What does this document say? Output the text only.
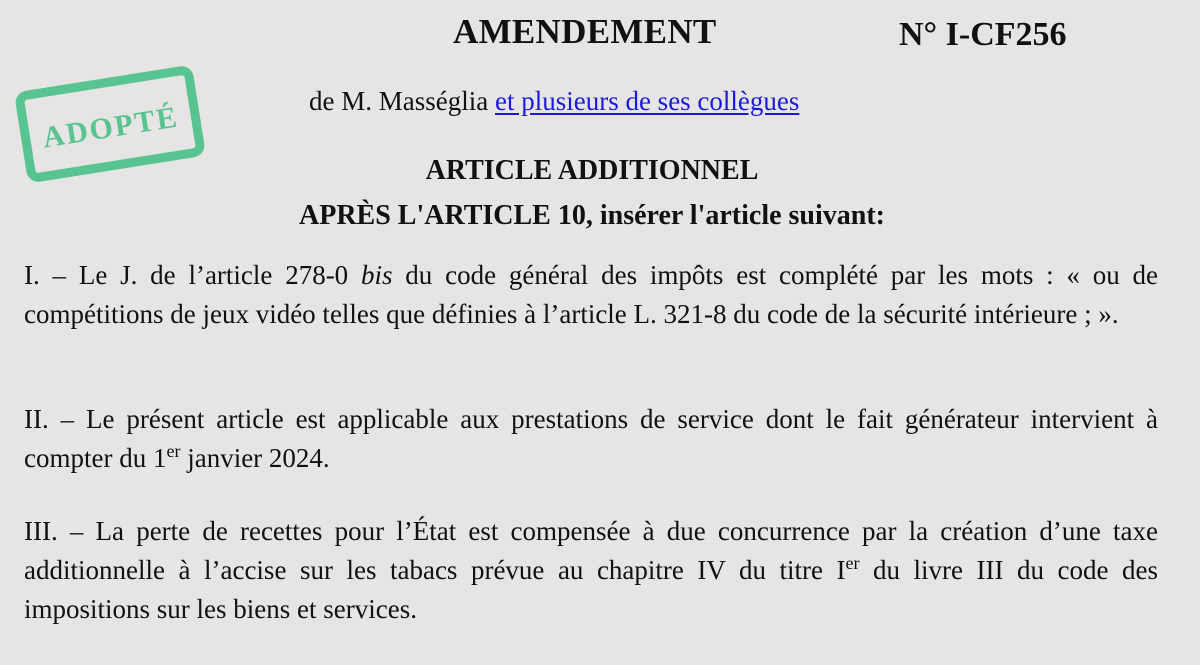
AMENDEMENT	N° I-CF256
ADOPTÉ	de M. Masséglia et plusieurs de ses collègues
ARTICLE ADDITIONNEL
APRÈS L'ARTICLE 10, insérer l'article suivant:
I. – Le J. de l’article 278-0 bis du code général des impôts est complété par les mots : « ou de compétitions de jeux vidéo telles que définies à l’article L. 321-8 du code de la sécurité intérieure ; ».
II. – Le présent article est applicable aux prestations de service dont le fait générateur intervient à compter du 1er janvier 2024.
III. – La perte de recettes pour l’État est compensée à due concurrence par la création d’une taxe additionnelle à l’accise sur les tabacs prévue au chapitre IV du titre Ier du livre III du code des impositions sur les biens et services.
